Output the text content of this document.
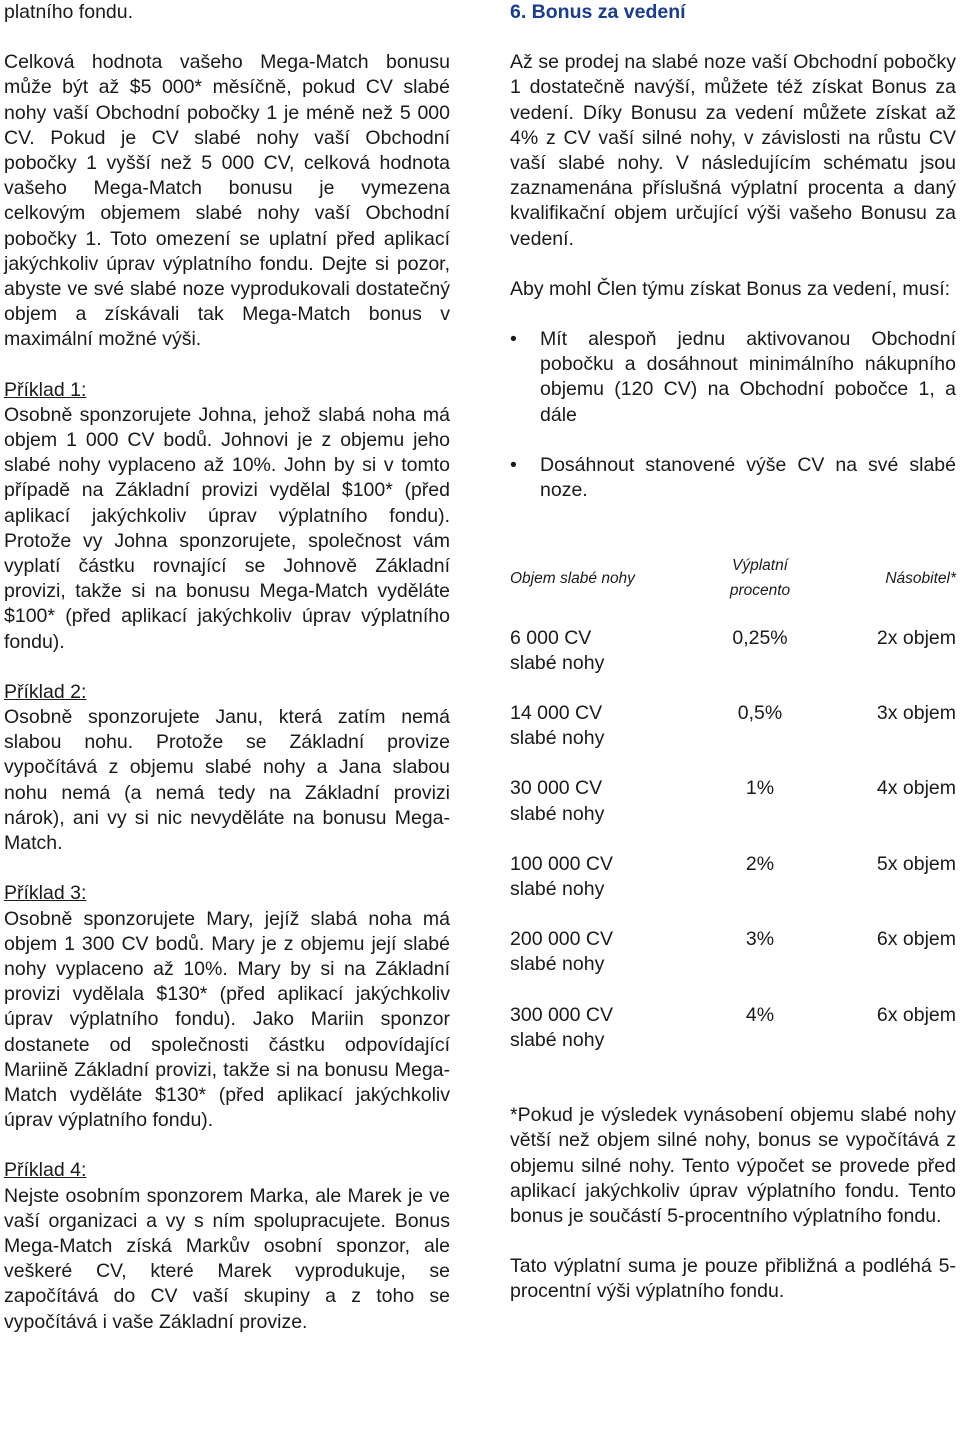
platního fondu.

Celková hodnota vašeho Mega-Match bonusu může být až $5 000* měsíčně, pokud CV slabé nohy vaší Obchodní pobočky 1 je méně než 5 000 CV. Pokud je CV slabé nohy vaší Obchodní pobočky 1 vyšší než 5 000 CV, celková hodnota vašeho Mega-Match bonusu je vymezena celkovým objemem slabé nohy vaší Obchodní pobočky 1. Toto omezení se uplatní před aplikací jakýchkoliv úprav výplatního fondu. Dejte si pozor, abyste ve své slabé noze vyprodukovali dostatečný objem a získávali tak Mega-Match bonus v maximální možné výši.

Příklad 1:

Osobně sponzorujete Johna, jehož slabá noha má objem 1 000 CV bodů. Johnovi je z objemu jeho slabé nohy vyplaceno až 10%. John by si v tomto případě na Základní provizi vydělal $100* (před aplikací jakýchkoliv úprav výplatního fondu). Protože vy Johna sponzorujete, společnost vám vyplatí částku rovnající se Johnově Základní provizi, takže si na bonusu Mega-Match vyděláte $100* (před aplikací jakýchkoliv úprav výplatního fondu).

Příklad 2:

Osobně sponzorujete Janu, která zatím nemá slabou nohu. Protože se Základní provize vypočítává z objemu slabé nohy a Jana slabou nohu nemá (a nemá tedy na Základní provizi nárok), ani vy si nic nevyděláte na bonusu Mega-Match.

Příklad 3:

Osobně sponzorujete Mary, jejíž slabá noha má objem 1 300 CV bodů. Mary je z objemu její slabé nohy vyplaceno až 10%. Mary by si na Základní provizi vydělala $130* (před aplikací jakýchkoliv úprav výplatního fondu). Jako Mariin sponzor dostanete od společnosti částku odpovídající Mariině Základní provizi, takže si na bonusu Mega-Match vyděláte $130* (před aplikací jakýchkoliv úprav výplatního fondu).

Příklad 4:

Nejste osobním sponzorem Marka, ale Marek je ve vaší organizaci a vy s ním spolupracujete. Bonus Mega-Match získá Markův osobní sponzor, ale veškeré CV, které Marek vyprodukuje, se započítává do CV vaší skupiny a z toho se vypočítává i vaše Základní provize.

6. Bonus za vedení

Až se prodej na slabé noze vaší Obchodní pobočky 1 dostatečně navýší, můžete též získat Bonus za vedení. Díky Bonusu za vedení můžete získat až 4% z CV vaší silné nohy, v závislosti na růstu CV vaší slabé nohy. V následujícím schématu jsou zaznamenána příslušná výplatní procenta a daný kvalifikační objem určující výši vašeho Bonusu za vedení.

Aby mohl Člen týmu získat Bonus za vedení, musí:

•	Mít alespoň jednu aktivovanou Obchodní pobočku a dosáhnout minimálního nákupního objemu (120 CV) na Obchodní pobočce 1, a dále
•	Dosáhnout stanovené výše CV na své slabé noze.
Objem slabé nohy	Výplatní procento	Násobitel*

6 000 CV
slabé nohy	0,25%	2x objem
14 000 CV
slabé nohy	0,5%	3x objem
30 000 CV
slabé nohy	1%	4x objem
100 000 CV
slabé nohy	2%	5x objem
200 000 CV
slabé nohy	3%	6x objem
300 000 CV
slabé nohy	4%	6x objem

*Pokud je výsledek vynásobení objemu slabé nohy větší než objem silné nohy, bonus se vypočítává z objemu silné nohy. Tento výpočet se provede před aplikací jakýchkoliv úprav výplatního fondu. Tento bonus je součástí 5-procentního výplatního fondu.

Tato výplatní suma je pouze přibližná a podléhá 5-procentní výši výplatního fondu.
